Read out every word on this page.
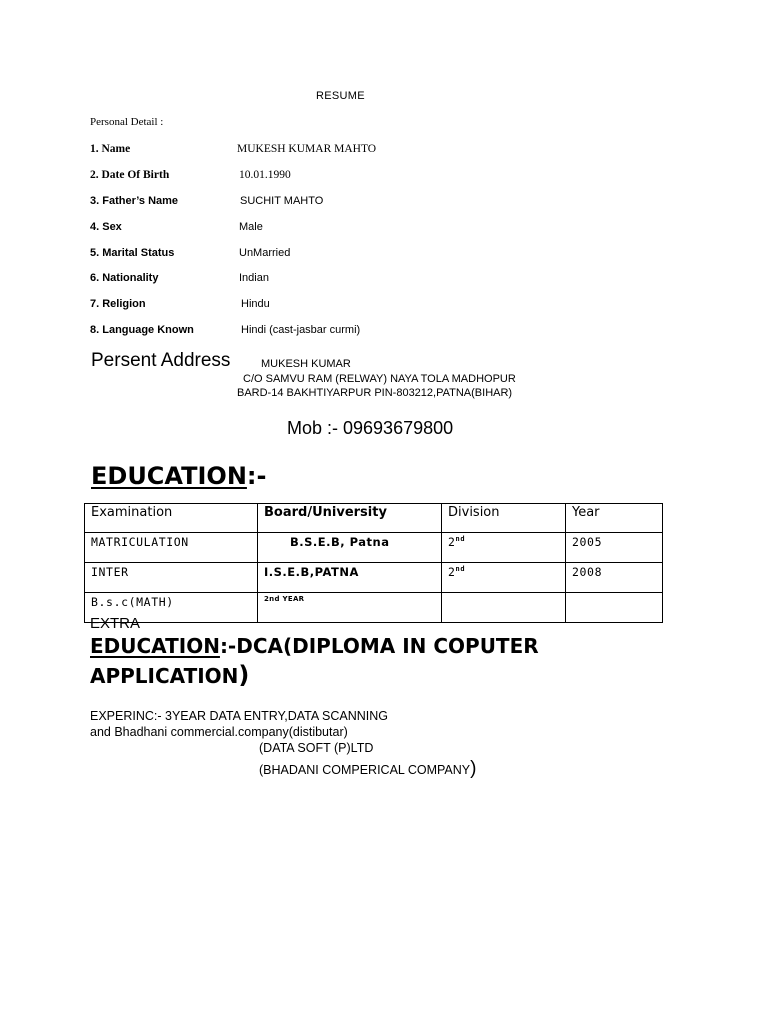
RESUME
Personal Detail :
1. Name	MUKESH KUMAR MAHTO
2. Date Of Birth	10.01.1990
3. Father’s Name	SUCHIT MAHTO
4. Sex	Male
5. Marital Status	UnMarried
6. Nationality	Indian
7. Religion	Hindu
8. Language Known	Hindi (cast-jasbar curmi)
Persent Address	MUKESH KUMAR
C/O SAMVU RAM (RELWAY) NAYA TOLA MADHOPUR
BARD-14 BAKHTIYARPUR PIN-803212,PATNA(BIHAR)
Mob :- 09693679800
EDUCATION:-
Examination	Board/University	Division	Year
MATRICULATION	B.S.E.B, Patna	2nd	2005
INTER	I.S.E.B,PATNA	2nd	2008
B.s.c(MATH)	2nd YEAR		
EXTRA
EDUCATION:-DCA(DIPLOMA IN COPUTER
APPLICATION)
EXPERINC:- 3YEAR DATA ENTRY,DATA SCANNING
and Bhadhani commercial.company(distibutar)
(DATA SOFT (P)LTD
(BHADANI COMPERICAL COMPANY)
